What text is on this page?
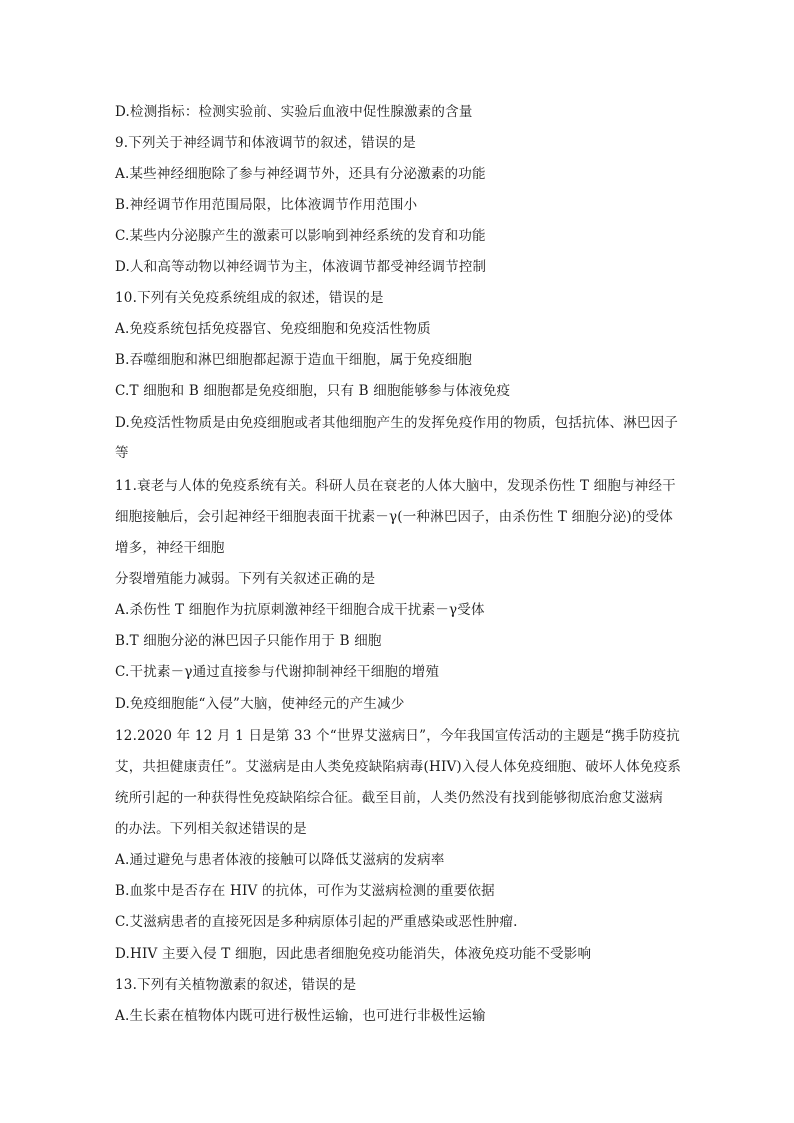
D.检测指标：检测实验前、实验后血液中促性腺激素的含量
9.下列关于神经调节和体液调节的叙述，错误的是
A.某些神经细胞除了参与神经调节外，还具有分泌激素的功能
B.神经调节作用范围局限，比体液调节作用范围小
C.某些内分泌腺产生的激素可以影响到神经系统的发育和功能
D.人和高等动物以神经调节为主，体液调节都受神经调节控制
10.下列有关免疫系统组成的叙述，错误的是
A.免疫系统包括免疫器官、免疫细胞和免疫活性物质
B.吞噬细胞和淋巴细胞都起源于造血干细胞，属于免疫细胞
C.T 细胞和 B 细胞都是免疫细胞，只有 B 细胞能够参与体液免疫
D.免疫活性物质是由免疫细胞或者其他细胞产生的发挥免疫作用的物质，包括抗体、淋巴因子
等
11.衰老与人体的免疫系统有关。科研人员在衰老的人体大脑中，发现杀伤性 T 细胞与神经干
细胞接触后，会引起神经干细胞表面干扰素－γ(一种淋巴因子，由杀伤性 T 细胞分泌)的受体
增多，神经干细胞
分裂增殖能力减弱。下列有关叙述正确的是
A.杀伤性 T 细胞作为抗原刺激神经干细胞合成干扰素－γ受体
B.T 细胞分泌的淋巴因子只能作用于 B 细胞
C.干扰素－γ通过直接参与代谢抑制神经干细胞的增殖
D.免疫细胞能“入侵”大脑，使神经元的产生减少
12.2020 年 12 月 1 日是第 33 个“世界艾滋病日”，今年我国宣传活动的主题是“携手防疫抗
艾，共担健康责任”。艾滋病是由人类免疫缺陷病毒(HIV)入侵人体免疫细胞、破坏人体免疫系
统所引起的一种获得性免疫缺陷综合征。截至目前，人类仍然没有找到能够彻底治愈艾滋病
的办法。下列相关叙述错误的是
A.通过避免与患者体液的接触可以降低艾滋病的发病率
B.血浆中是否存在 HIV 的抗体，可作为艾滋病检测的重要依据
C.艾滋病患者的直接死因是多种病原体引起的严重感染或恶性肿瘤.
D.HIV 主要入侵 T 细胞，因此患者细胞免疫功能消失，体液免疫功能不受影响
13.下列有关植物激素的叙述，错误的是
A.生长素在植物体内既可进行极性运输，也可进行非极性运输
